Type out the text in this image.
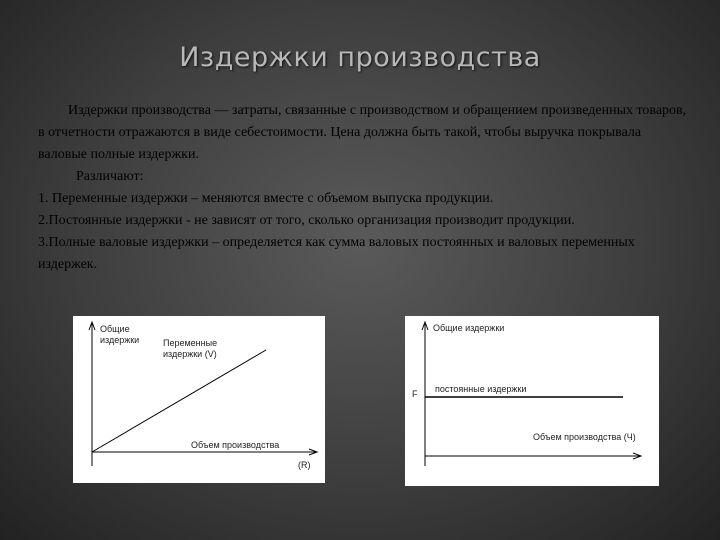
Издержки производства

Издержки производства — затраты, связанные с производством и обращением произведенных товаров, в отчетности отражаются в виде себестоимости. Цена должна быть такой, чтобы выручка покрывала валовые полные издержки.

Различают:

1. Переменные издержки – меняются вместе с объемом выпуска продукции.

2.Постоянные издержки - не зависят от того, сколько организация производит продукции.

3.Полные валовые издержки – определяется как сумма валовых постоянных и валовых переменных издержек.

Общие
издержки	Переменные
издержки (V)
Объем производства
(R)
Общие издержки
постоянные издержки
F
Объем производства (Ч)
